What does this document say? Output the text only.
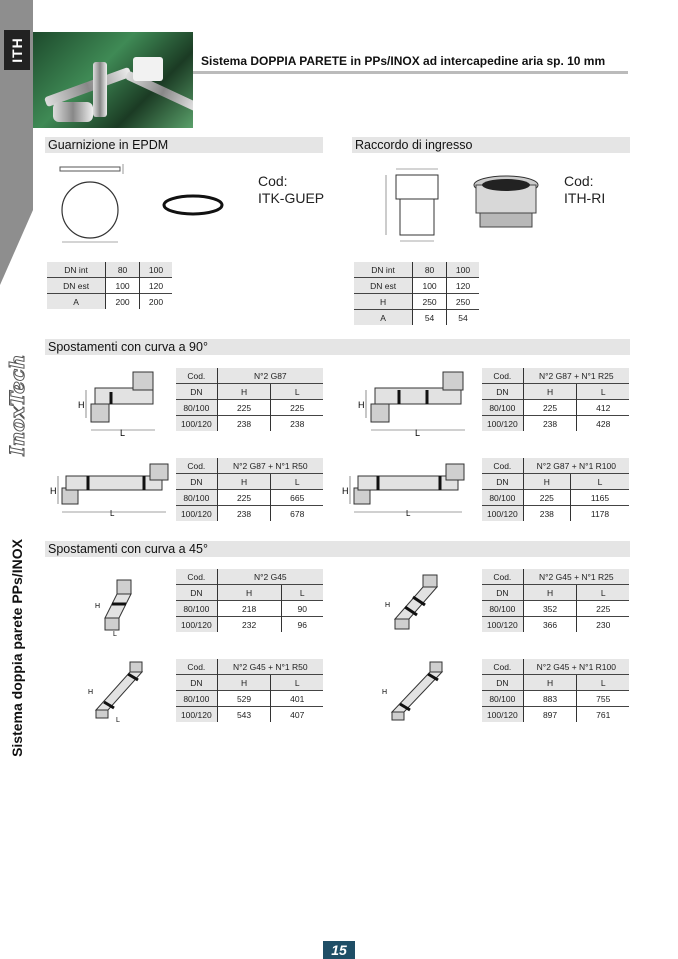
ITH
InoxTech
Sistema doppia parete PPs/INOX
Sistema DOPPIA PARETE in PPs/INOX ad intercapedine aria sp. 10 mm
Guarnizione in EPDM
Cod:
ITK-GUEP
DN int	80	100
DN est	100	120
A	200	200
Raccordo di ingresso
Cod:
ITH-RI
DN int	80	100
DN est	100	120
H	250	250
A	54	54
Spostamenti con curva a 90°
H
L
Cod.	N°2 G87	
DN	H	L
80/100	225	225
100/120	238	238
H
L
Cod.	N°2 G87 + N°1 R25	
DN	H	L
80/100	225	412
100/120	238	428
H
L
Cod.	N°2 G87 + N°1 R50	
DN	H	L
80/100	225	665
100/120	238	678
H
L
Cod.	N°2 G87 + N°1 R100	
DN	H	L
80/100	225	1165
100/120	238	1178
Spostamenti con curva a 45°
H
L
Cod.	N°2 G45	
DN	H	L
80/100	218	90
100/120	232	96
H
Cod.	N°2 G45 + N°1 R25	
DN	H	L
80/100	352	225
100/120	366	230
H
L
Cod.	N°2 G45 + N°1 R50	
DN	H	L
80/100	529	401
100/120	543	407
H
Cod.	N°2 G45 + N°1 R100	
DN	H	L
80/100	883	755
100/120	897	761
15
